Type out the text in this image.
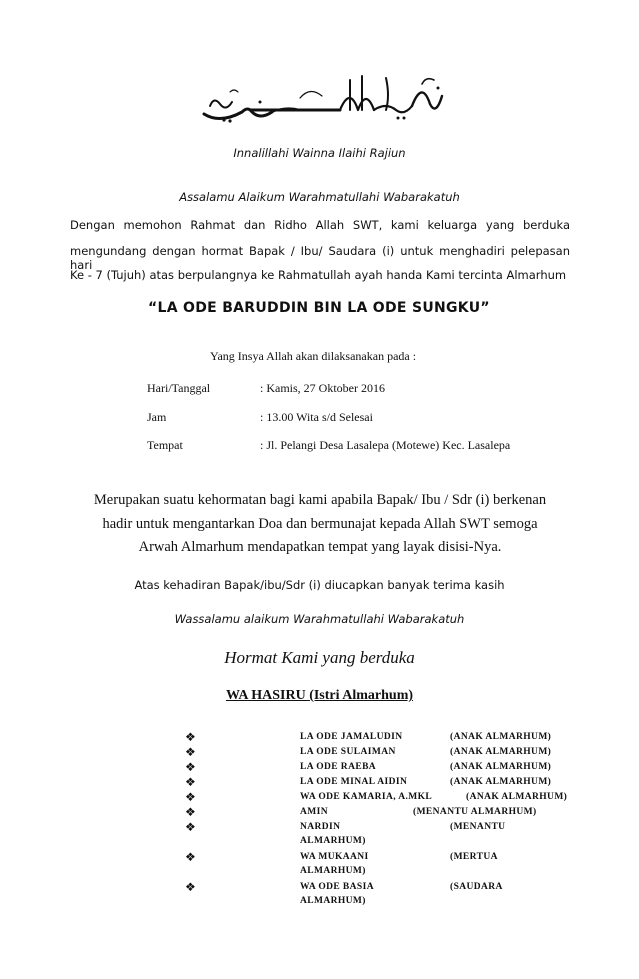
Innalillahi Wainna Ilaihi Rajiun
Assalamu Alaikum Warahmatullahi Wabarakatuh
Dengan memohon Rahmat dan Ridho Allah SWT, kami keluarga yang berduka
mengundang dengan hormat Bapak / Ibu/ Saudara (i) untuk menghadiri pelepasan hari
Ke - 7 (Tujuh) atas berpulangnya ke Rahmatullah ayah handa Kami tercinta Almarhum
“LA ODE BARUDDIN BIN LA ODE SUNGKU”
Yang Insya Allah akan dilaksanakan pada :
Hari/Tanggal	: Kamis, 27 Oktober 2016
Jam	: 13.00 Wita s/d Selesai
Tempat	: Jl. Pelangi Desa Lasalepa (Motewe) Kec. Lasalepa
Merupakan suatu kehormatan bagi kami apabila Bapak/ Ibu / Sdr (i) berkenan
hadir untuk mengantarkan Doa dan bermunajat kepada Allah SWT semoga
Arwah Almarhum mendapatkan tempat yang layak disisi-Nya.
Atas kehadiran Bapak/ibu/Sdr (i) diucapkan banyak terima kasih
Wassalamu alaikum Warahmatullahi Wabarakatuh
Hormat Kami yang berduka
WA HASIRU (Istri Almarhum)
❖	LA ODE JAMALUDIN	(ANAK ALMARHUM)
❖	LA ODE SULAIMAN	(ANAK ALMARHUM)
❖	LA ODE RAEBA	(ANAK ALMARHUM)
❖	LA ODE MINAL AIDIN	(ANAK ALMARHUM)
❖	WA ODE KAMARIA, A.MKL	(ANAK ALMARHUM)
❖	AMIN	(MENANTU ALMARHUM)
❖	NARDIN	(MENANTU
ALMARHUM)
❖	WA MUKAANI	(MERTUA
ALMARHUM)
❖	WA ODE BASIA	(SAUDARA
ALMARHUM)
